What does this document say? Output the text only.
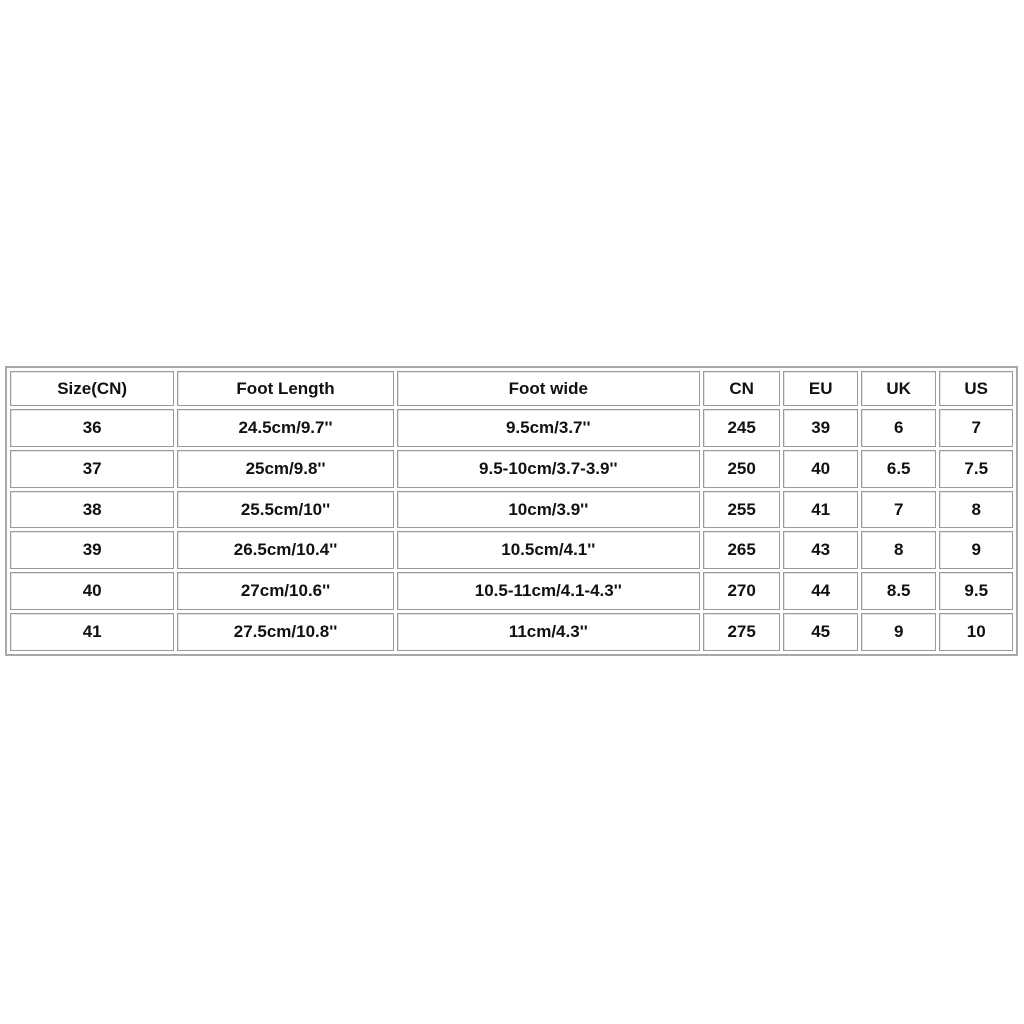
Size(CN)	Foot Length	Foot wide	CN	EU	UK	US
36	24.5cm/9.7''	9.5cm/3.7''	245	39	6	7
37	25cm/9.8''	9.5-10cm/3.7-3.9''	250	40	6.5	7.5
38	25.5cm/10''	10cm/3.9''	255	41	7	8
39	26.5cm/10.4''	10.5cm/4.1''	265	43	8	9
40	27cm/10.6''	10.5-11cm/4.1-4.3''	270	44	8.5	9.5
41	27.5cm/10.8''	11cm/4.3''	275	45	9	10
